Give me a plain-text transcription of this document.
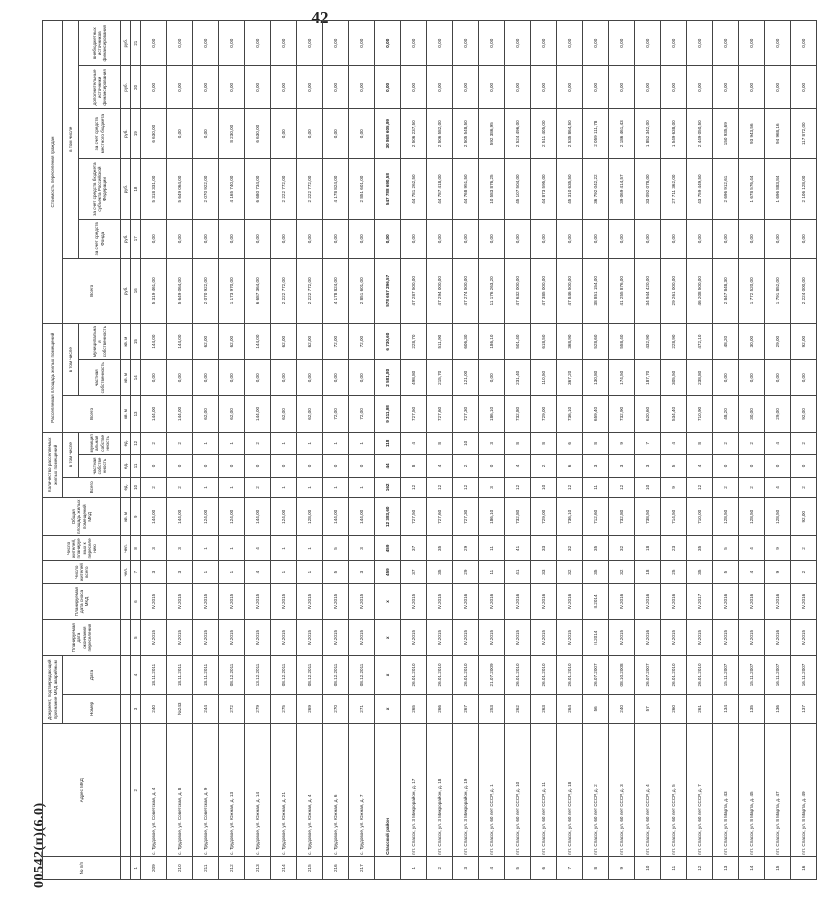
42
00542(п)(6.0)	№ п/п	Адрес МКД	Документ, подтверждающий признание МКД аварийным		Планируемая дата окончания переселения	Планируемая дата сноса МКД	Число жителей всего	Число жителей, планируемых к переселению	Общая площадь жилых помещений МКД	Количество расселяемых жилых помещений			Расселяемая площадь жилых помещений			Стоимость переселения граждан					
		Номер	Дата						Всего	в том числе		Всего	в том числе		Всего	в том числе				
										частная собственность	муниципальная собственность		частная собственность	муниципальная собственность		за счет средств Фонда	за счет средств бюджета субъекта Российской Федерации	за счет средств местного бюджета	дополнительные источники финансирования	внебюджетных источников финансирования
						чел.	чел.	кв. м	ед.	ед.	ед.	кв. м	кв. м	кв. м	руб.	руб.	руб.	руб.	руб.	руб.
1	2	3	4	5	6	7	8	9	10	11	12	13	14	15	16	17	18	19	20	21
209	с. Трудовое, ул. Советская, д. 4	240	18.11.2011	IV.2015	IV.2015	3	3	144,00	2	0	2	144,00	0,00	144,00	5 319 461,00	0,00	5 318 331,00	6 630,00	0,00	0,00
210	с. Трудовое, ул. Советская, д. 8	№243	18.11.2011	IV.2015	IV.2015	3	3	144,00	2	0	2	144,00	0,00	144,00	5 649 064,00	0,00	5 649 064,00	0,00	0,00	0,00
211	с. Трудовое, ул. Советская, д. 9	244	18.11.2011	IV.2015	IV.2015	1	1	124,00	1	0	1	62,00	0,00	62,00	2 070 922,00	0,00	2 070 922,00	0,00	0,00	0,00
212	с. Трудовое, ул. Южная, д. 13	272	08.12.2011	IV.2015	IV.2015	1	1	124,00	1	0	1	62,00	0,00	62,00	1 173 970,00	0,00	4 165 740,00	8 230,00	0,00	0,00
213	с. Трудовое, ул. Южная, д. 14	279	13.12.2011	IV.2015	IV.2015	4	4	144,00	2	0	2	144,00	0,00	144,00	6 687 364,00	0,00	6 680 734,00	6 630,00	0,00	0,00
214	с. Трудовое, ул. Южная, д. 21	275	08.12.2011	IV.2015	IV.2015	1	1	124,00	1	0	1	62,00	0,00	62,00	2 222 772,00	0,00	2 222 772,00	0,00	0,00	0,00
215	с. Трудовое, ул. Южная, д. 4	269	08.12.2011	IV.2015	IV.2015	1	1	128,00	1	0	1	62,00	0,00	62,00	2 222 772,00	0,00	2 222 772,00	0,00	0,00	0,00
216	с. Трудовое, ул. Южная, д. 6	270	08.12.2011	IV.2015	IV.2015	5	5	144,00	1	0	1	72,00	0,00	72,00	4 178 824,00	0,00	4 178 824,00	0,00	0,00	0,00
217	с. Трудовое, ул. Южная, д. 7	271	08.12.2011	IV.2015	IV.2015	3	3	144,00	1	0	1	72,00	0,00	72,00	2 851 601,00	0,00	2 851 601,00	0,00	0,00	0,00
	Спасский район	x	x	x	x	459	459	12 383,60	162	44	118	9 311,98	2 581,80	6 730,60	578 657 296,57	0,00	547 788 690,58	30 868 605,99	0,00	0,00
1	пгт. Спасск, ул. 3 Микрорайон, д. 17	265	26.01.2010	IV.2015	IV.2015	37	37	727,50	12	8	4	727,50	498,80	228,70	47 287 500,00	0,00	44 781 262,50	2 506 237,50	0,00	0,00
2	пгт. Спасск, ул. 3 Микрорайон, д. 18	266	26.01.2010	IV.2015	IV.2015	35	35	727,60	12	4	8	727,60	215,70	511,90	47 294 000,00	0,00	44 787 418,00	2 506 582,00	0,00	0,00
3	пгт. Спасск, ул. 3 Микрорайон, д. 19	267	26.01.2010	IV.2015	IV.2016	29	29	727,30	12	2	10	727,30	121,00	606,30	47 274 500,00	0,00	44 768 951,50	2 505 548,50	0,00	0,00
4	пгт. Спасск, ул. 60 лет СССР, д. 1	253	21.07.2009	IV.2015	IV.2016	11	11	186,10	3	0	3	186,10	0,00	186,10	11 176 263,20	0,00	10 583 876,25	592 386,95	0,00	0,00
5	пгт. Спасск, ул. 60 лет СССР, д. 10	262	26.01.2010	IV.2015	IV.2016	41	41	732,80	12	4	8	732,80	231,40	501,40	47 632 000,00	0,00	45 107 504,00	2 524 496,00	0,00	0,00
6	пгт. Спасск, ул. 60 лет СССР, д. 11	263	26.01.2010	IV.2015	IV.2016	33	33	729,00	10	2	8	729,00	110,50	618,50	47 385 000,00	0,00	44 873 595,00	2 511 405,00	0,00	0,00
7	пгт. Спасск, ул. 60 лет СССР, д. 18	264	26.01.2010	IV.2015	IV.2016	32	32	736,10	12	6	6	736,10	367,20	368,90	47 846 500,00	0,00	45 310 635,50	2 535 864,50	0,00	0,00
8	пгт. Спасск, ул. 60 лет СССР, д. 2	56	26.07.2007	II.2014	II.2014	35	35	712,60	11	3	8	659,40	130,80	528,60	38 851 154,00	0,00	36 792 042,22	2 059 111,78	0,00	0,00
9	пгт. Спасск, ул. 60 лет СССР, д. 3	240	08.10.2008	IV.2015	IV.2016	32	32	732,80	12	3	9	732,90	174,50	558,40	41 255 876,00	0,00	39 069 414,57	2 186 461,43	0,00	0,00
10	пгт. Спасск, ул. 60 лет СССР, д. 4	57	26.07.2007	IV.2016	IV.2016	18	18	738,50	10	3	7	620,60	187,70	432,90	34 944 420,00	0,00	33 092 078,00	1 852 342,00	0,00	0,00
11	пгт. Спасск, ул. 60 лет СССР, д. 5	260	26.01.2010	IV.2015	IV.2016	25	23	714,50	9	5	4	534,40	305,50	228,90	29 261 000,00	0,00	27 711 362,00	1 549 638,00	0,00	0,00
12	пгт. Спасск, ул. 60 лет СССР, д. 7	261	26.01.2010	IV.2015	IV.2017	35	35	710,00	12	4	8	710,90	238,80	472,10	46 208 500,00	0,00	43 759 449,50	2 449 050,50	0,00	0,00
13	пгт. Спасск, ул. 8 Марта, д. 43	134	15.11.2007	IV.2015	IV.2016	5	5	128,50	2	0	2	48,20	0,00	48,20	2 847 848,30	0,00	2 696 912,61	150 935,69	0,00	0,00
14	пгт. Спасск, ул. 8 Марта, д. 45	135	15.11.2007	IV.2015	IV.2016	4	4	128,50	2	0	2	30,00	0,00	30,00	1 772 520,00	0,00	1 678 576,44	93 943,56	0,00	0,00
15	пгт. Спасск, ул. 8 Марта, д. 47	136	16.11.2007	IV.2016	IV.2016	9	9	128,50	4	0	4	29,00	0,00	29,00	1 791 852,00	0,00	1 696 883,84	94 968,16	0,00	0,00
16	пгт. Спасск, ул. 8 Марта, д. 49	137	16.11.2007	IV.2015	IV.2016	2	2	92,00	2	0	2	92,00	0,00	92,00	2 224 000,00	0,00	2 106 128,00	117 872,00	0,00	0,00
